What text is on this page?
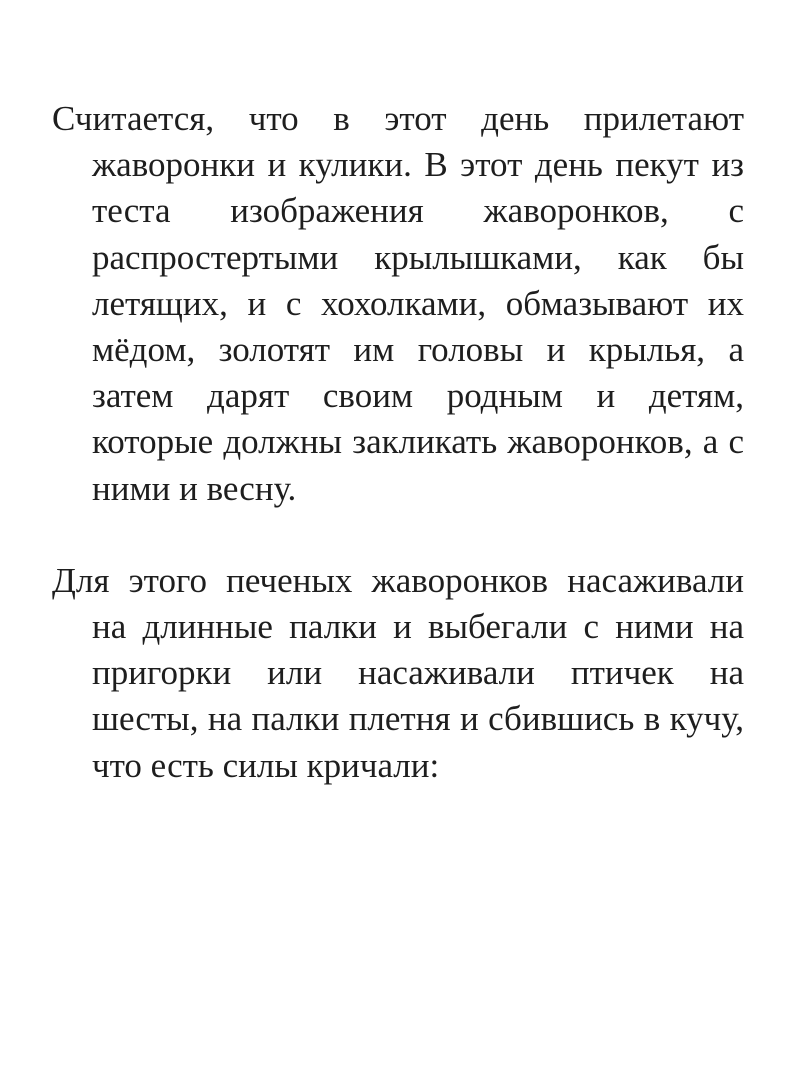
Считается, что в этот день прилетают жаворонки и кулики. В этот день пекут из теста изображения жаворонков, с распростертыми крылышками, как бы летящих, и с хохолками, обмазывают их мёдом, золотят им головы и крылья, а затем дарят своим родным и детям, которые должны закликать жаворонков, а с ними и весну.

Для этого печеных жаворонков насаживали на длинные палки и выбегали с ними на пригорки или насаживали птичек на шесты, на палки плетня и сбившись в кучу, что есть силы кричали:
